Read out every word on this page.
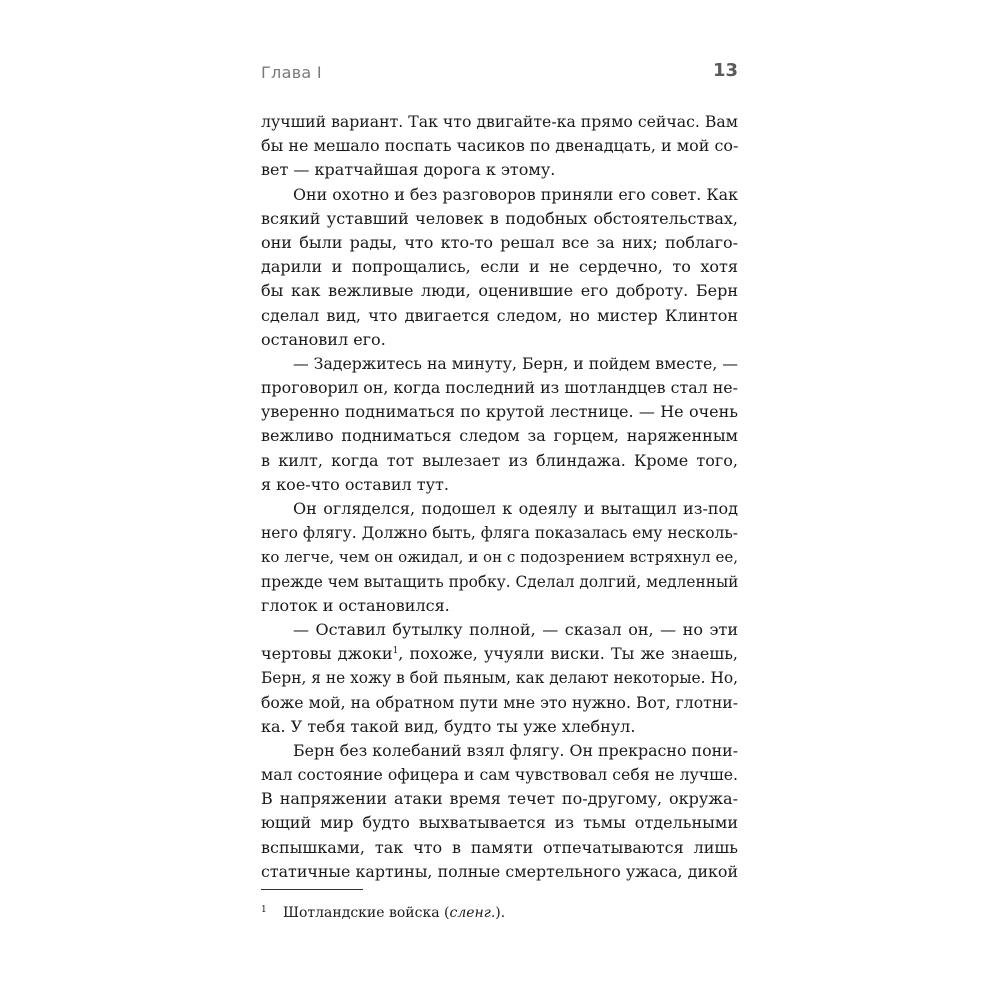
Глава I	13
лучший вариант. Так что двигайте-ка прямо сейчас. Вам
бы не мешало поспать часиков по двенадцать, и мой со-
вет — кратчайшая дорога к этому.
Они охотно и без разговоров приняли его совет. Как
всякий уставший человек в подобных обстоятельствах,
они были рады, что кто-то решал все за них; поблаго-
дарили и попрощались, если и не сердечно, то хотя
бы как вежливые люди, оценившие его доброту. Берн
сделал вид, что двигается следом, но мистер Клинтон
остановил его.
— Задержитесь на минуту, Берн, и пойдем вместе, —
проговорил он, когда последний из шотландцев стал не-
уверенно подниматься по крутой лестнице. — Не очень
вежливо подниматься следом за горцем, наряженным
в килт, когда тот вылезает из блиндажа. Кроме того,
я кое-что оставил тут.
Он огляделся, подошел к одеялу и вытащил из-под
него флягу. Должно быть, фляга показалась ему несколь-
ко легче, чем он ожидал, и он с подозрением встряхнул ее,
прежде чем вытащить пробку. Сделал долгий, медленный
глоток и остановился.
— Оставил бутылку полной, — сказал он, — но эти
чертовы джоки$^1$, похоже, учуяли виски. Ты же знаешь,
Берн, я не хожу в бой пьяным, как делают некоторые. Но,
боже мой, на обратном пути мне это нужно. Вот, глотни-
ка. У тебя такой вид, будто ты уже хлебнул.
Берн без колебаний взял флягу. Он прекрасно пони-
мал состояние офицера и сам чувствовал себя не лучше.
В напряжении атаки время течет по-другому, окружа-
ющий мир будто выхватывается из тьмы отдельными
вспышками, так что в памяти отпечатываются лишь
статичные картины, полные смертельного ужаса, дикой
1 Шотландские войска (сленг.).
